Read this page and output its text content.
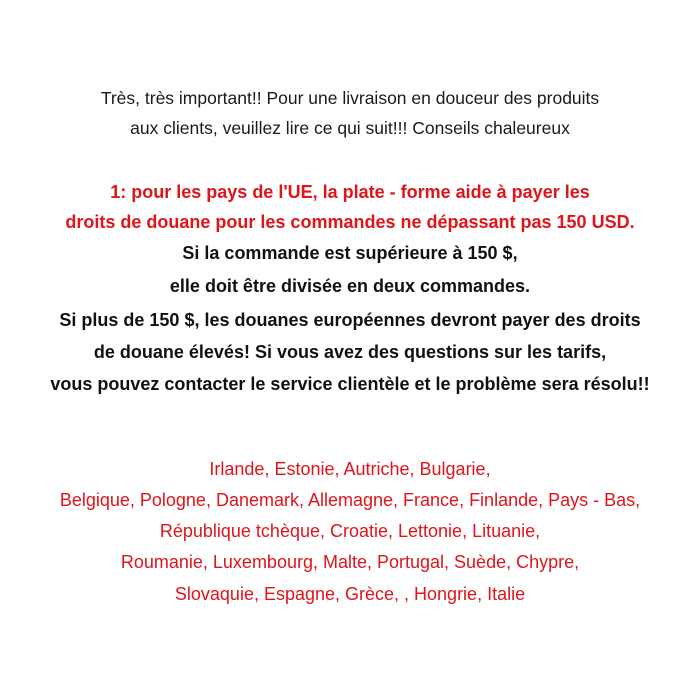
Très, très important!! Pour une livraison en douceur des produits
aux clients, veuillez lire ce qui suit!!! Conseils chaleureux
1: pour les pays de l'UE, la plate - forme aide à payer les
droits de douane pour les commandes ne dépassant pas 150 USD.
Si la commande est supérieure à 150 $,
elle doit être divisée en deux commandes.
Si plus de 150 $, les douanes européennes devront payer des droits
de douane élevés! Si vous avez des questions sur les tarifs,
vous pouvez contacter le service clientèle et le problème sera résolu!!
Irlande, Estonie, Autriche, Bulgarie,
Belgique, Pologne, Danemark, Allemagne, France, Finlande, Pays - Bas,
République tchèque, Croatie, Lettonie, Lituanie,
Roumanie, Luxembourg, Malte, Portugal, Suède, Chypre,
Slovaquie, Espagne, Grèce, , Hongrie, Italie
